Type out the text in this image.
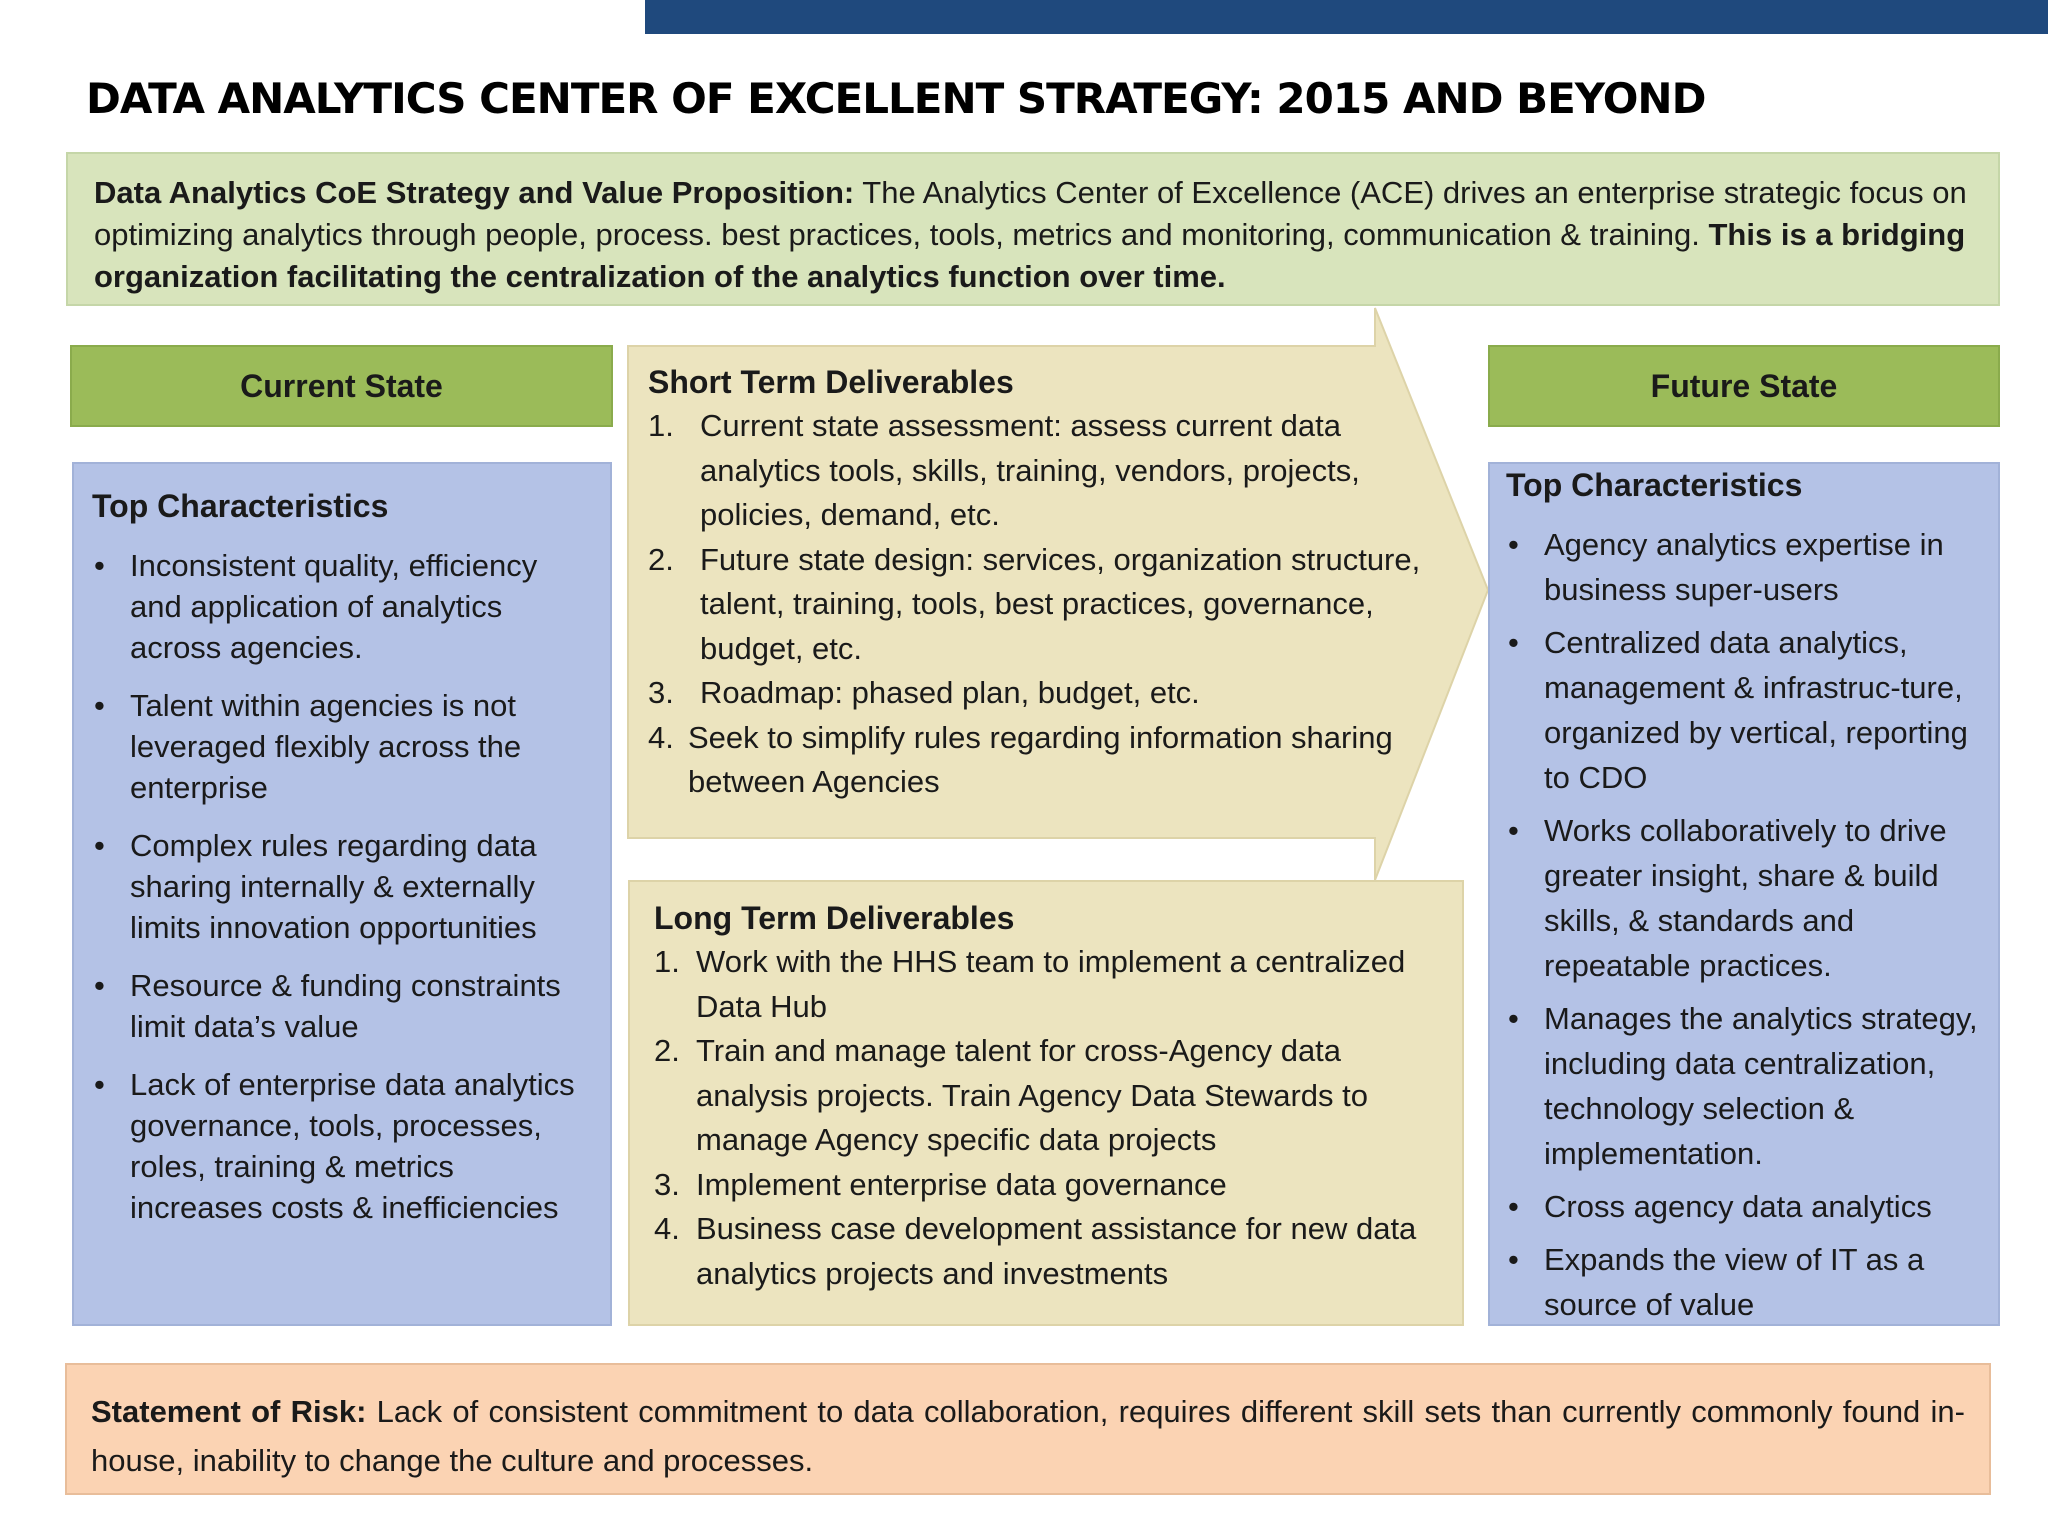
DATA ANALYTICS CENTER OF EXCELLENT STRATEGY: 2015 AND BEYOND
Data Analytics CoE Strategy and Value Proposition: The Analytics Center of Excellence (ACE) drives an enterprise strategic focus on optimizing analytics through people, process. best practices, tools, metrics and monitoring, communication & training. This is a bridging organization facilitating the centralization of the analytics function over time.
Current State	Future State
Top Characteristics
• Inconsistent quality, efficiency and application of analytics across agencies.
• Talent within agencies is not leveraged flexibly across the enterprise
• Complex rules regarding data sharing internally & externally limits innovation opportunities
• Resource & funding constraints limit data’s value
• Lack of enterprise data analytics governance, tools, processes, roles, training & metrics increases costs & inefficiencies
Short Term Deliverables
1. Current state assessment: assess current data analytics tools, skills, training, vendors, projects, policies, demand, etc.
2. Future state design: services, organization structure, talent, training, tools, best practices, governance, budget, etc.
3. Roadmap: phased plan, budget, etc.
4. Seek to simplify rules regarding information sharing between Agencies
Long Term Deliverables
1. Work with the HHS team to implement a centralized Data Hub
2. Train and manage talent for cross-Agency data analysis projects. Train Agency Data Stewards to manage Agency specific data projects
3. Implement enterprise data governance
4. Business case development assistance for new data analytics projects and investments
Top Characteristics
• Agency analytics expertise in business super-users
• Centralized data analytics, management & infrastruc-ture, organized by vertical, reporting to CDO
• Works collaboratively to drive greater insight, share & build skills, & standards and repeatable practices.
• Manages the analytics strategy, including data centralization, technology selection & implementation.
• Cross agency data analytics
• Expands the view of IT as a source of value
Statement of Risk: Lack of consistent commitment to data collaboration, requires different skill sets than currently commonly found in-house, inability to change the culture and processes.
